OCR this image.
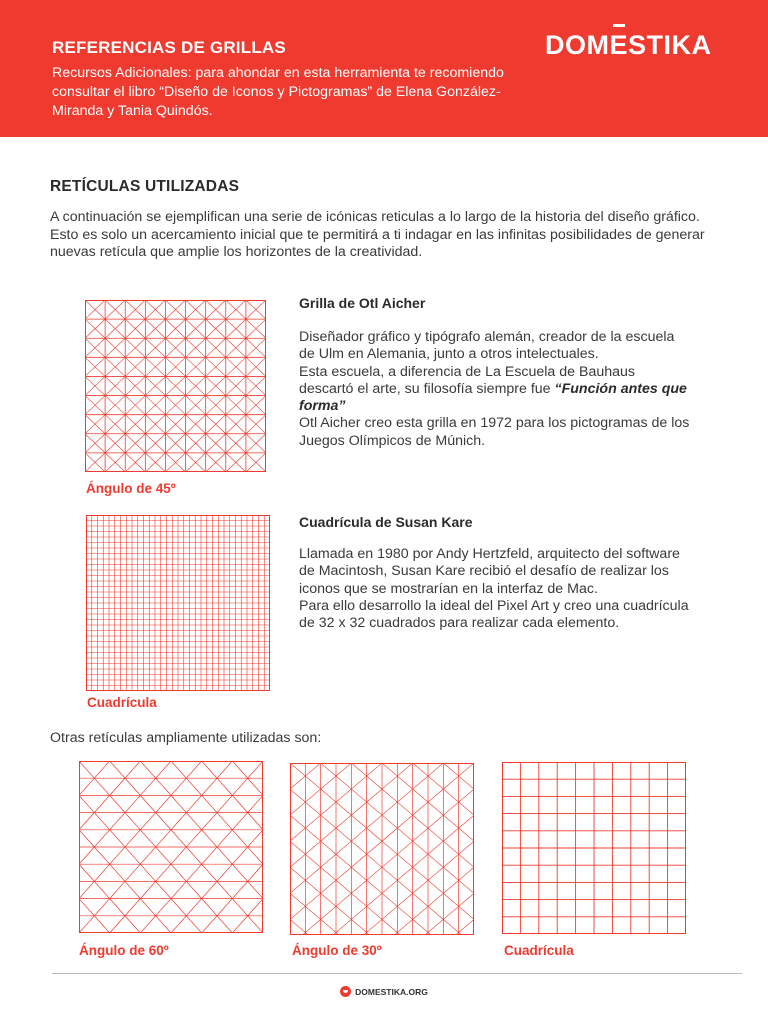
REFERENCIAS DE GRILLAS
Recursos Adicionales: para ahondar en esta herramienta te recomiendo consultar el libro “Diseño de Iconos y Pictogramas” de Elena González-Miranda y Tania Quindós.
DOMESTIKA
RETÍCULAS UTILIZADAS

A continuación se ejemplifican una serie de icónicas reticulas a lo largo de la historia del diseño gráfico.

Esto es solo un acercamiento inicial que te permitirá a ti indagar en las infinitas posibilidades de generar nuevas retícula que amplie los horizontes de la creatividad.

Ángulo de 45º
Grilla de Otl Aicher

Diseñador gráfico y tipógrafo alemán, creador de la escuela de Ulm en Alemania, junto a otros intelectuales.

Esta escuela, a diferencia de La Escuela de Bauhaus descartó el arte, su filosofía siempre fue “Función antes que forma”

Otl Aicher creo esta grilla en 1972 para los pictogramas de los Juegos Olímpicos de Múnich.

Cuadrícula
Cuadrícula de Susan Kare

Llamada en 1980 por Andy Hertzfeld, arquitecto del software de Macintosh, Susan Kare recibió el desafío de realizar los iconos que se mostrarían en la interfaz de Mac.

Para ello desarrollo la ideal del Pixel Art y creo una cuadrícula de 32 x 32 cuadrados para realizar cada elemento.

Otras retículas ampliamente utilizadas son:
Ángulo de 60º	Ángulo de 30º	Cuadrícula
DOMESTIKA.ORG
